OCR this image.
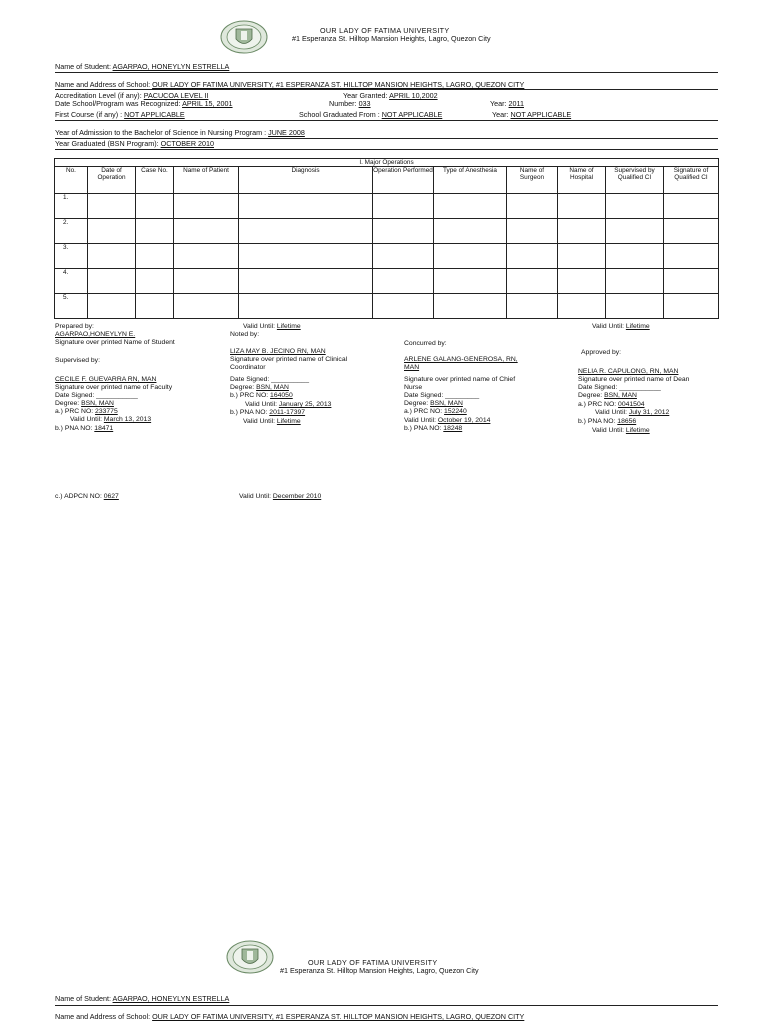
OUR LADY OF FATIMA UNIVERSITY
#1 Esperanza St. Hilltop Mansion Heights, Lagro, Quezon City
Name of Student: AGARPAO, HONEYLYN ESTRELLA
Name and Address of School: OUR LADY OF FATIMA UNIVERSITY, #1 ESPERANZA ST. HILLTOP MANSION HEIGHTS, LAGRO, QUEZON CITY
Accreditation Level (if any): PACUCOA LEVEL II	Year Granted: APRIL 10,2002
Date School/Program was Recognized: APRIL 15, 2001	Number: 033	Year: 2011
First Course (if any) : NOT APPLICABLE	School Graduated From : NOT APPLICABLE	Year: NOT APPLICABLE
Year of Admission to the Bachelor of Science in Nursing Program : JUNE 2008
Year Graduated (BSN Program): OCTOBER 2010
I. Major Operations										
No.	Date of Operation	Case No.	Name of Patient	Diagnosis	Operation Performed	Type of Anesthesia	Name of Surgeon	Name of Hospital	Supervised by Qualified CI	Signature of Qualified CI
1.										
2.										
3.										
4.										
5.										
Prepared by:
AGARPAO,HONEYLYN E.
Signature over printed Name of Student
Supervised by:
CECILE F. GUEVARRA RN, MAN
Signature over printed name of Faculty
Date Signed: ___________
Degree: BSN, MAN
a.) PRC NO: 233775
Valid Until: March 13, 2013
b.) PNA NO: 18471
Valid Until: Lifetime
Noted by:
LIZA MAY B. JECINO RN, MAN
Signature over printed name of Clinical
Coordinator
Date Signed: __________
Degree: BSN, MAN
b.) PRC NO: 164050
Valid Until: January 25, 2013
b.) PNA NO: 2011-17397
Valid Until: Lifetime
Concurred by:
ARLENE GALANG-GENEROSA, RN,
MAN
Signature over printed name of Chief
Nurse
Date Signed: _________
Degree: BSN, MAN
a.) PRC NO: 152240
Valid Until: October 19, 2014
b.) PNA NO: 18248
Valid Until: Lifetime
Approved by:
NELIA R. CAPULONG, RN, MAN
Signature over printed name of Dean
Date Signed: ___________
Degree: BSN, MAN
a.) PRC NO: 0041504
Valid Until: July 31, 2012
b.) PNA NO: 18656
Valid Until: Lifetime
c.) ADPCN NO: 0627	Valid Until: December 2010
OUR LADY OF FATIMA UNIVERSITY
#1 Esperanza St. Hilltop Mansion Heights, Lagro, Quezon City
Name of Student: AGARPAO, HONEYLYN ESTRELLA
Name and Address of School: OUR LADY OF FATIMA UNIVERSITY, #1 ESPERANZA ST. HILLTOP MANSION HEIGHTS, LAGRO, QUEZON CITY
